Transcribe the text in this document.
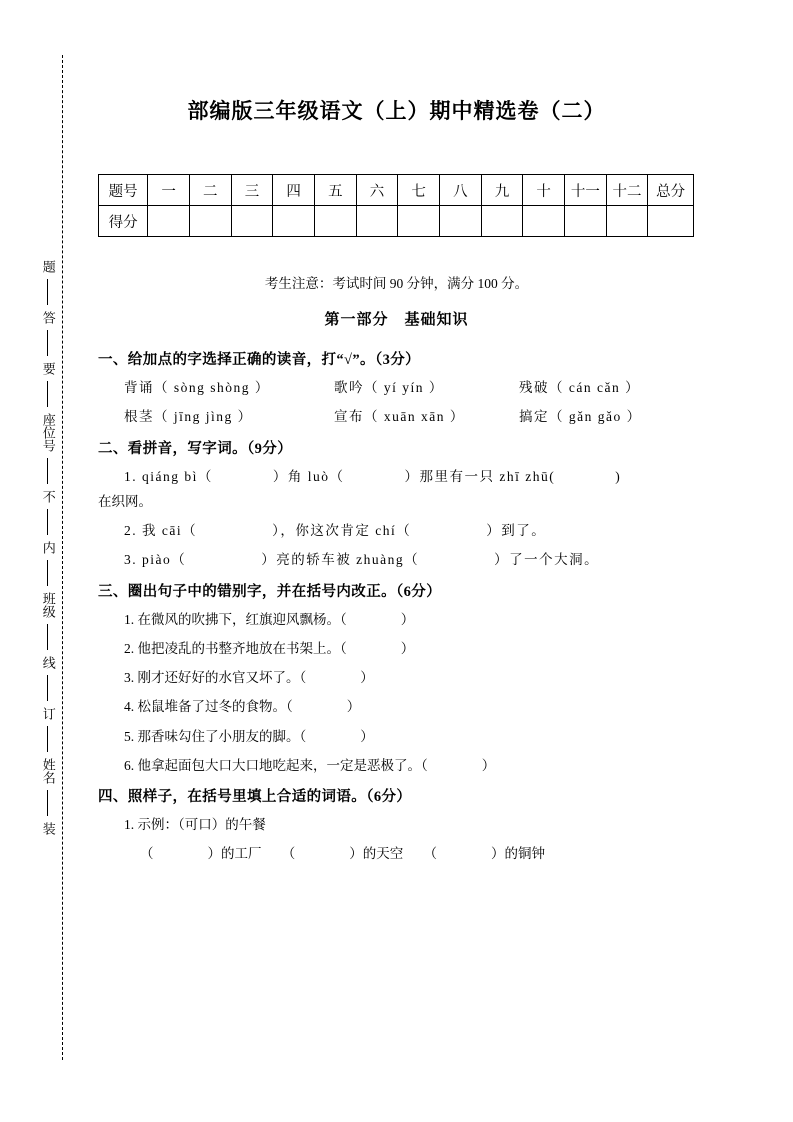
题
答
要
座位号
不
内
班级
线
订
姓名
装
部编版三年级语文（上）期中精选卷（二）
题号	一	二	三	四	五	六	七	八	九	十	十一	十二	总分
得分													
考生注意：考试时间 90 分钟，满分 100 分。
第一部分　基础知识
一、给加点的字选择正确的读音，打“√”。（3分）
背诵（ sòng shòng ）	歌吟（ yí yín ）	残破（ cán cǎn ）
根茎（ jīng jìng ）	宣布（ xuān xān ）	搞定（ gǎn gǎo ）
二、看拼音，写字词。（9分）
1. qiáng bì（　　　　）角 luò（　　　　）那里有一只 zhī zhū(　　　　)
在织网。
2. 我 cāi（　　　　　），你这次肯定 chí（　　　　　）到了。
3. piào（　　　　　）亮的轿车被 zhuàng（　　　　　）了一个大洞。
三、圈出句子中的错别字，并在括号内改正。（6分）
1. 在微风的吹拂下，红旗迎风飘杨。（　　　　）
2. 他把凌乱的书整齐地放在书架上。（　　　　）
3. 刚才还好好的水官又坏了。（　　　　）
4. 松鼠堆备了过冬的食物。（　　　　）
5. 那香味勾住了小朋友的脚。（　　　　）
6. 他拿起面包大口大口地吃起来，一定是恶极了。（　　　　）
四、照样子，在括号里填上合适的词语。（6分）
1. 示例：（可口）的午餐
（　　　　）的工厂　　（　　　　）的天空　　（　　　　）的铜钟
